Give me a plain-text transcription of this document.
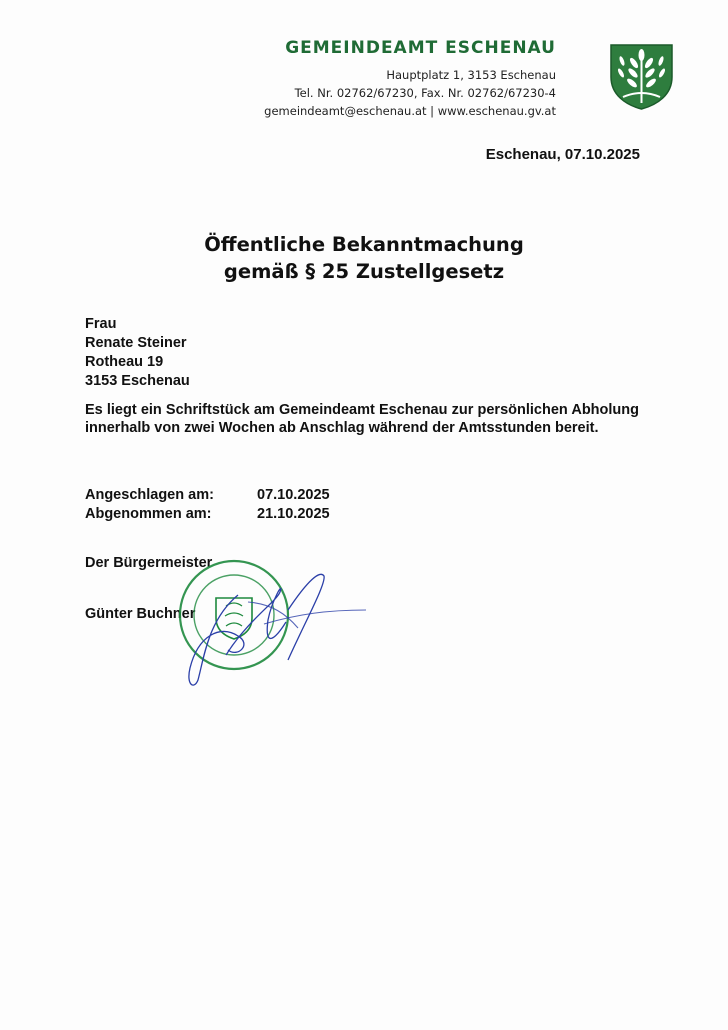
GEMEINDEAMT ESCHENAU
Hauptplatz 1, 3153 Eschenau
Tel. Nr. 02762/67230, Fax. Nr. 02762/67230-4
gemeindeamt@eschenau.at | www.eschenau.gv.at
Eschenau, 07.10.2025
Öffentliche Bekanntmachung
gemäß § 25 Zustellgesetz
Frau
Renate Steiner
Rotheau 19
3153 Eschenau
Es liegt ein Schriftstück am Gemeindeamt Eschenau zur persönlichen Abholung innerhalb von zwei Wochen ab Anschlag während der Amtsstunden bereit.
Angeschlagen am:	07.10.2025
Abgenommen am:	21.10.2025
Der Bürgermeister
Günter Buchner
